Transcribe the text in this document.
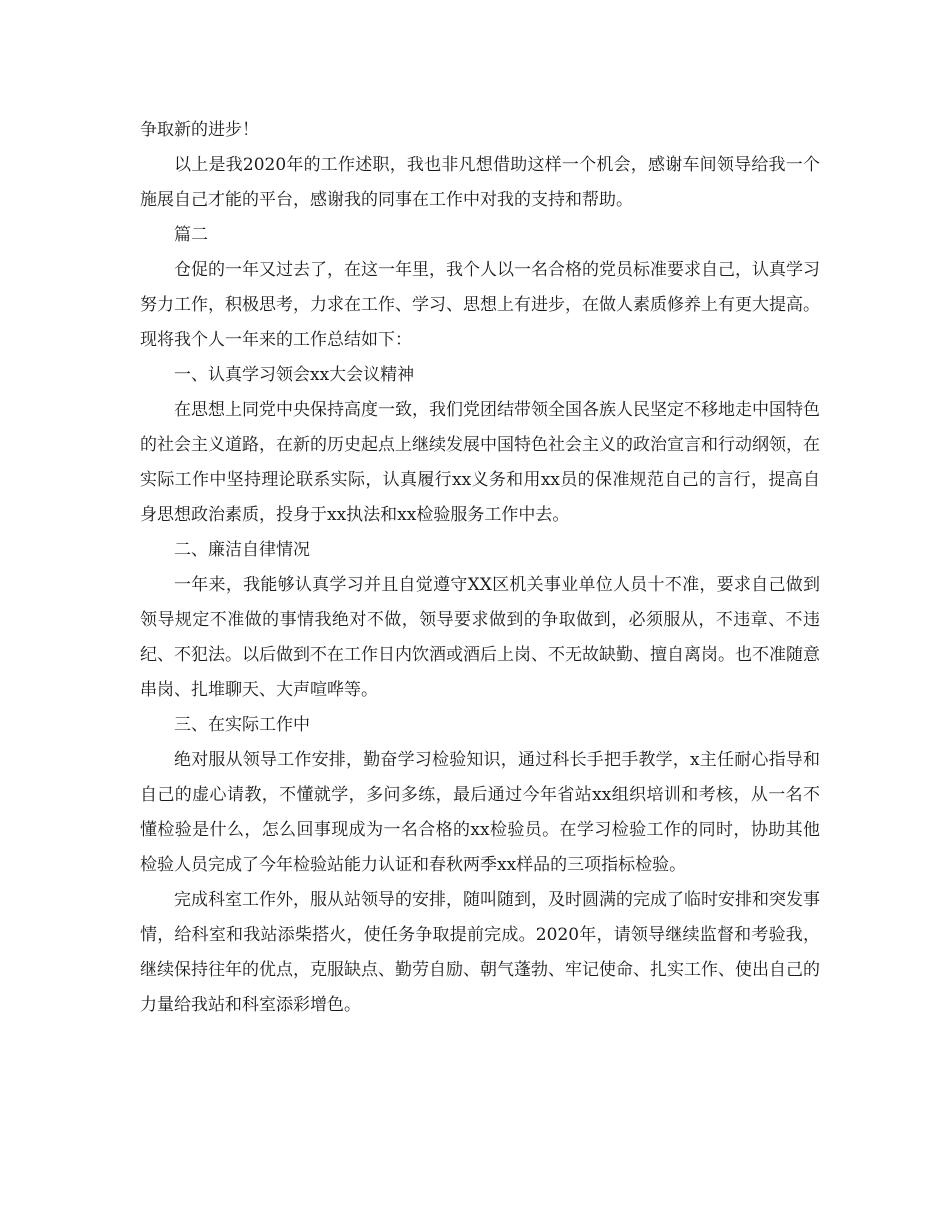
争取新的进步！

以上是我2020年的工作述职，我也非凡想借助这样一个机会，感谢车间领导给我一个施展自己才能的平台，感谢我的同事在工作中对我的支持和帮助。

篇二

仓促的一年又过去了，在这一年里，我个人以一名合格的党员标准要求自己，认真学习努力工作，积极思考，力求在工作、学习、思想上有进步，在做人素质修养上有更大提高。现将我个人一年来的工作总结如下：

一、认真学习领会xx大会议精神

在思想上同党中央保持高度一致，我们党团结带领全国各族人民坚定不移地走中国特色的社会主义道路，在新的历史起点上继续发展中国特色社会主义的政治宣言和行动纲领，在实际工作中坚持理论联系实际，认真履行xx义务和用xx员的保准规范自己的言行，提高自身思想政治素质，投身于xx执法和xx检验服务工作中去。

二、廉洁自律情况

一年来，我能够认真学习并且自觉遵守XX区机关事业单位人员十不准，要求自己做到领导规定不准做的事情我绝对不做，领导要求做到的争取做到，必须服从，不违章、不违纪、不犯法。以后做到不在工作日内饮酒或酒后上岗、不无故缺勤、擅自离岗。也不准随意串岗、扎堆聊天、大声喧哗等。

三、在实际工作中

绝对服从领导工作安排，勤奋学习检验知识，通过科长手把手教学，x主任耐心指导和自己的虚心请教，不懂就学，多问多练，最后通过今年省站xx组织培训和考核，从一名不懂检验是什么，怎么回事现成为一名合格的xx检验员。在学习检验工作的同时，协助其他检验人员完成了今年检验站能力认证和春秋两季xx样品的三项指标检验。

完成科室工作外，服从站领导的安排，随叫随到，及时圆满的完成了临时安排和突发事情，给科室和我站添柴搭火，使任务争取提前完成。2020年，请领导继续监督和考验我，继续保持往年的优点，克服缺点、勤劳自励、朝气蓬勃、牢记使命、扎实工作、使出自己的力量给我站和科室添彩增色。
